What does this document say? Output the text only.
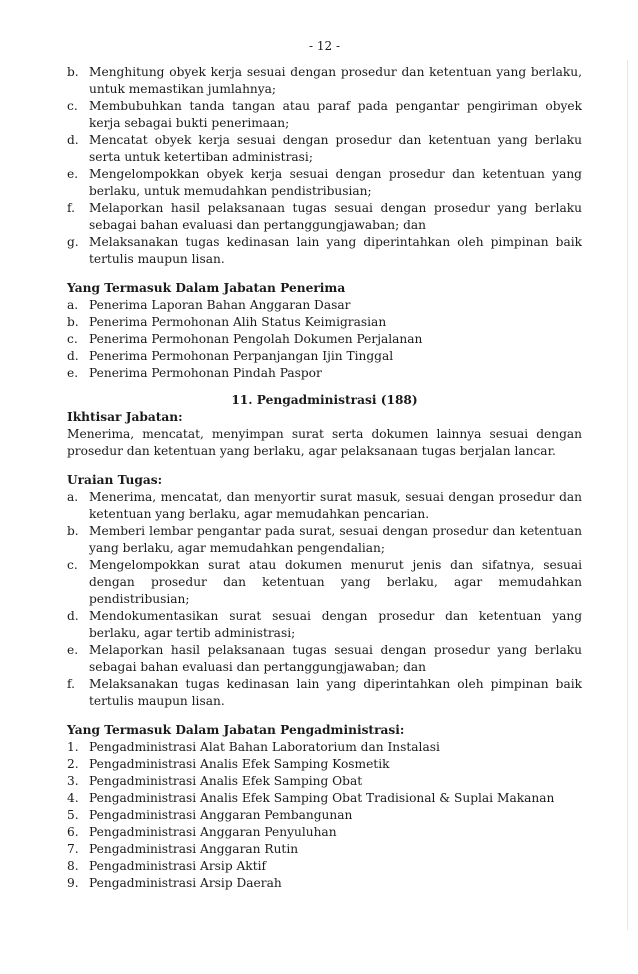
- 12 -
b. Menghitung obyek kerja sesuai dengan prosedur dan ketentuan yang berlaku, untuk memastikan jumlahnya;
c. Membubuhkan tanda tangan atau paraf pada pengantar pengiriman obyek kerja sebagai bukti penerimaan;
d. Mencatat obyek kerja sesuai dengan prosedur dan ketentuan yang berlaku serta untuk ketertiban administrasi;
e. Mengelompokkan obyek kerja sesuai dengan prosedur dan ketentuan yang berlaku, untuk memudahkan pendistribusian;
f.	Melaporkan hasil pelaksanaan tugas sesuai dengan prosedur yang berlaku sebagai bahan evaluasi dan pertanggungjawaban; dan
g. Melaksanakan tugas kedinasan lain yang diperintahkan oleh pimpinan baik tertulis maupun lisan.
Yang Termasuk Dalam Jabatan Penerima
a. Penerima Laporan Bahan Anggaran Dasar
b. Penerima Permohonan Alih Status Keimigrasian
c. Penerima Permohonan Pengolah Dokumen Perjalanan
d. Penerima Permohonan Perpanjangan Ijin Tinggal
e. Penerima Permohonan Pindah Paspor
11. Pengadministrasi (188)
Ikhtisar Jabatan:
Menerima, mencatat, menyimpan surat serta dokumen lainnya sesuai dengan prosedur dan ketentuan yang berlaku, agar pelaksanaan tugas berjalan lancar.
Uraian Tugas:
a. Menerima, mencatat, dan menyortir surat masuk, sesuai dengan prosedur dan ketentuan yang berlaku, agar memudahkan pencarian.
b. Memberi lembar pengantar pada surat, sesuai dengan prosedur dan ketentuan yang berlaku, agar memudahkan pengendalian;
c. Mengelompokkan surat atau dokumen menurut jenis dan sifatnya, sesuai dengan prosedur dan ketentuan yang berlaku, agar memudahkan pendistribusian;
d. Mendokumentasikan surat sesuai dengan prosedur dan ketentuan yang berlaku, agar tertib administrasi;
e. Melaporkan hasil pelaksanaan tugas sesuai dengan prosedur yang berlaku sebagai bahan evaluasi dan pertanggungjawaban; dan
f.	Melaksanakan tugas kedinasan lain yang diperintahkan oleh pimpinan baik tertulis maupun lisan.
Yang Termasuk Dalam Jabatan Pengadministrasi:
1. Pengadministrasi Alat Bahan Laboratorium dan Instalasi
2. Pengadministrasi Analis Efek Samping Kosmetik
3. Pengadministrasi Analis Efek Samping Obat
4. Pengadministrasi Analis Efek Samping Obat Tradisional & Suplai Makanan
5. Pengadministrasi Anggaran Pembangunan
6. Pengadministrasi Anggaran Penyuluhan
7. Pengadministrasi Anggaran Rutin
8. Pengadministrasi Arsip Aktif
9. Pengadministrasi Arsip Daerah
